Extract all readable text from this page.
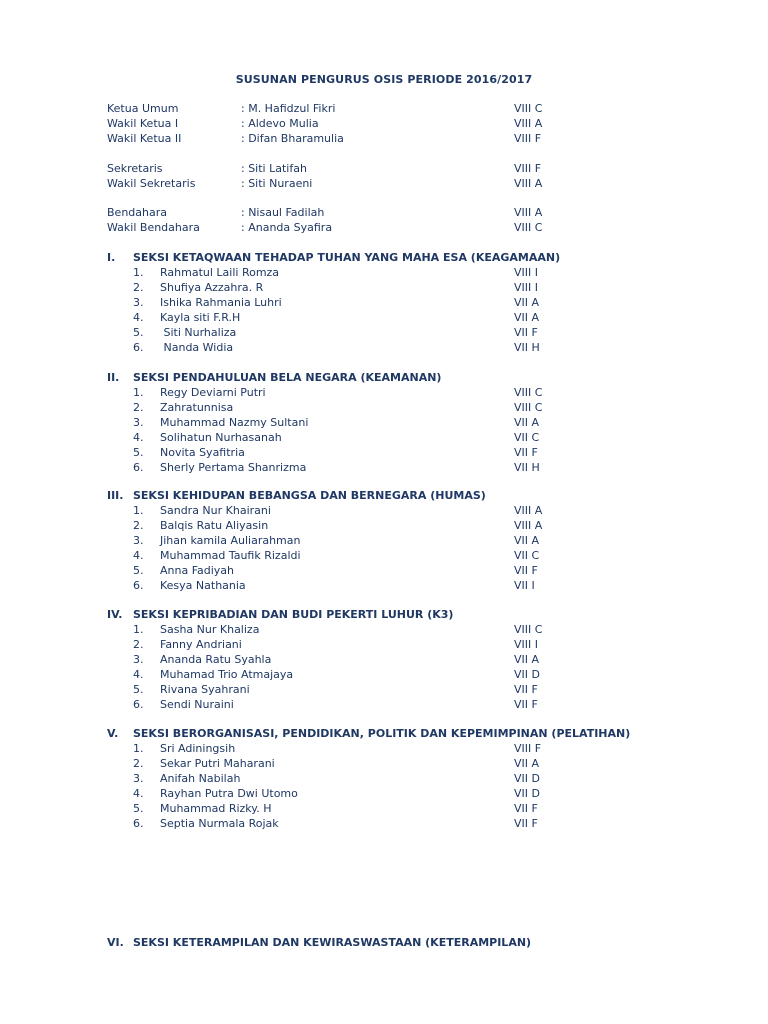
SUSUNAN PENGURUS OSIS PERIODE 2016/2017
Ketua Umum	: M. Hafidzul Fikri	VIII C
Wakil Ketua I	: Aldevo Mulia	VIII A
Wakil Ketua II	: Difan Bharamulia	VIII F
Sekretaris	: Siti Latifah	VIII F
Wakil Sekretaris	: Siti Nuraeni	VIII A
Bendahara	: Nisaul Fadilah	VIII A
Wakil Bendahara	: Ananda Syafira	VIII C
I. SEKSI KETAQWAAN TEHADAP TUHAN YANG MAHA ESA (KEAGAMAAN)
1. Rahmatul Laili Romza	VIII I
2. Shufiya Azzahra. R	VIII I
3. Ishika Rahmania Luhri	VII A
4. Kayla siti F.R.H	VII A
5. Siti Nurhaliza	VII F
6. Nanda Widia	VII H
II. SEKSI PENDAHULUAN BELA NEGARA (KEAMANAN)
1. Regy Deviarni Putri	VIII C
2. Zahratunnisa	VIII C
3. Muhammad Nazmy Sultani	VII A
4. Solihatun Nurhasanah	VII C
5. Novita Syafitria	VII F
6. Sherly Pertama Shanrizma	VII H
III. SEKSI KEHIDUPAN BEBANGSA DAN BERNEGARA (HUMAS)
1. Sandra Nur Khairani	VIII A
2. Balqis Ratu Aliyasin	VIII A
3. Jihan kamila Auliarahman	VII A
4. Muhammad Taufik Rizaldi	VII C
5. Anna Fadiyah	VII F
6. Kesya Nathania	VII I
IV. SEKSI KEPRIBADIAN DAN BUDI PEKERTI LUHUR (K3)
1. Sasha Nur Khaliza	VIII C
2. Fanny Andriani	VIII I
3. Ananda Ratu Syahla	VII A
4. Muhamad Trio Atmajaya	VII D
5. Rivana Syahrani	VII F
6. Sendi Nuraini	VII F
V. SEKSI BERORGANISASI, PENDIDIKAN, POLITIK DAN KEPEMIMPINAN (PELATIHAN)
1. Sri Adiningsih	VIII F
2. Sekar Putri Maharani	VII A
3. Anifah Nabilah	VII D
4. Rayhan Putra Dwi Utomo	VII D
5. Muhammad Rizky. H	VII F
6. Septia Nurmala Rojak	VII F
VI. SEKSI KETERAMPILAN DAN KEWIRASWASTAAN (KETERAMPILAN)
